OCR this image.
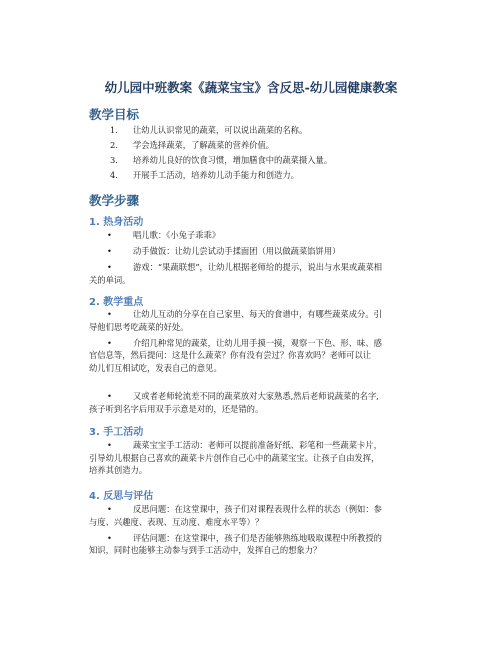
幼儿园中班教案《蔬菜宝宝》含反思-幼儿园健康教案
教学目标
1. 让幼儿认识常见的蔬菜，可以说出蔬菜的名称。
2. 学会选择蔬菜，了解蔬菜的营养价值。
3. 培养幼儿良好的饮食习惯，增加膳食中的蔬菜摄入量。
4. 开展手工活动，培养幼儿动手能力和创造力。
教学步骤
1. 热身活动
•	唱儿歌：《小兔子乖乖》
•	动手做饭：让幼儿尝试动手揉面团（用以做蔬菜馅饼用）
•	游戏：“果蔬联想”，让幼儿根据老师给的提示，说出与水果或蔬菜相
关的单词。
2. 教学重点
•	让幼儿互动的分享在自己家里、每天的食谱中，有哪些蔬菜成分。引
导他们思考吃蔬菜的好处。
•	介绍几种常见的蔬菜，让幼儿用手摸一摸，观察一下色、形、味、感
官信息等，然后提问：这是什么蔬菜？你有没有尝过？你喜欢吗？老师可以让
幼儿们互相试吃，发表自己的意见。
•	又或者老师轮流差不同的蔬菜放对大家熟悉,然后老师说蔬菜的名字,
孩子听到名字后用双手示意是对的，还是错的。
3. 手工活动
•	蔬菜宝宝手工活动：老师可以提前准备好纸、彩笔和一些蔬菜卡片，
引导幼儿根据自己喜欢的蔬菜卡片创作自己心中的蔬菜宝宝。让孩子自由发挥，
培养其创造力。
4. 反思与评估
•	反思问题：在这堂课中，孩子们对课程表现什么样的状态（例如：参
与度、兴趣度、表现、互动度、难度水平等）？
•	评估问题：在这堂课中，孩子们是否能够熟练地吸取课程中所教授的
知识，同时也能够主动参与到手工活动中，发挥自己的想象力？
